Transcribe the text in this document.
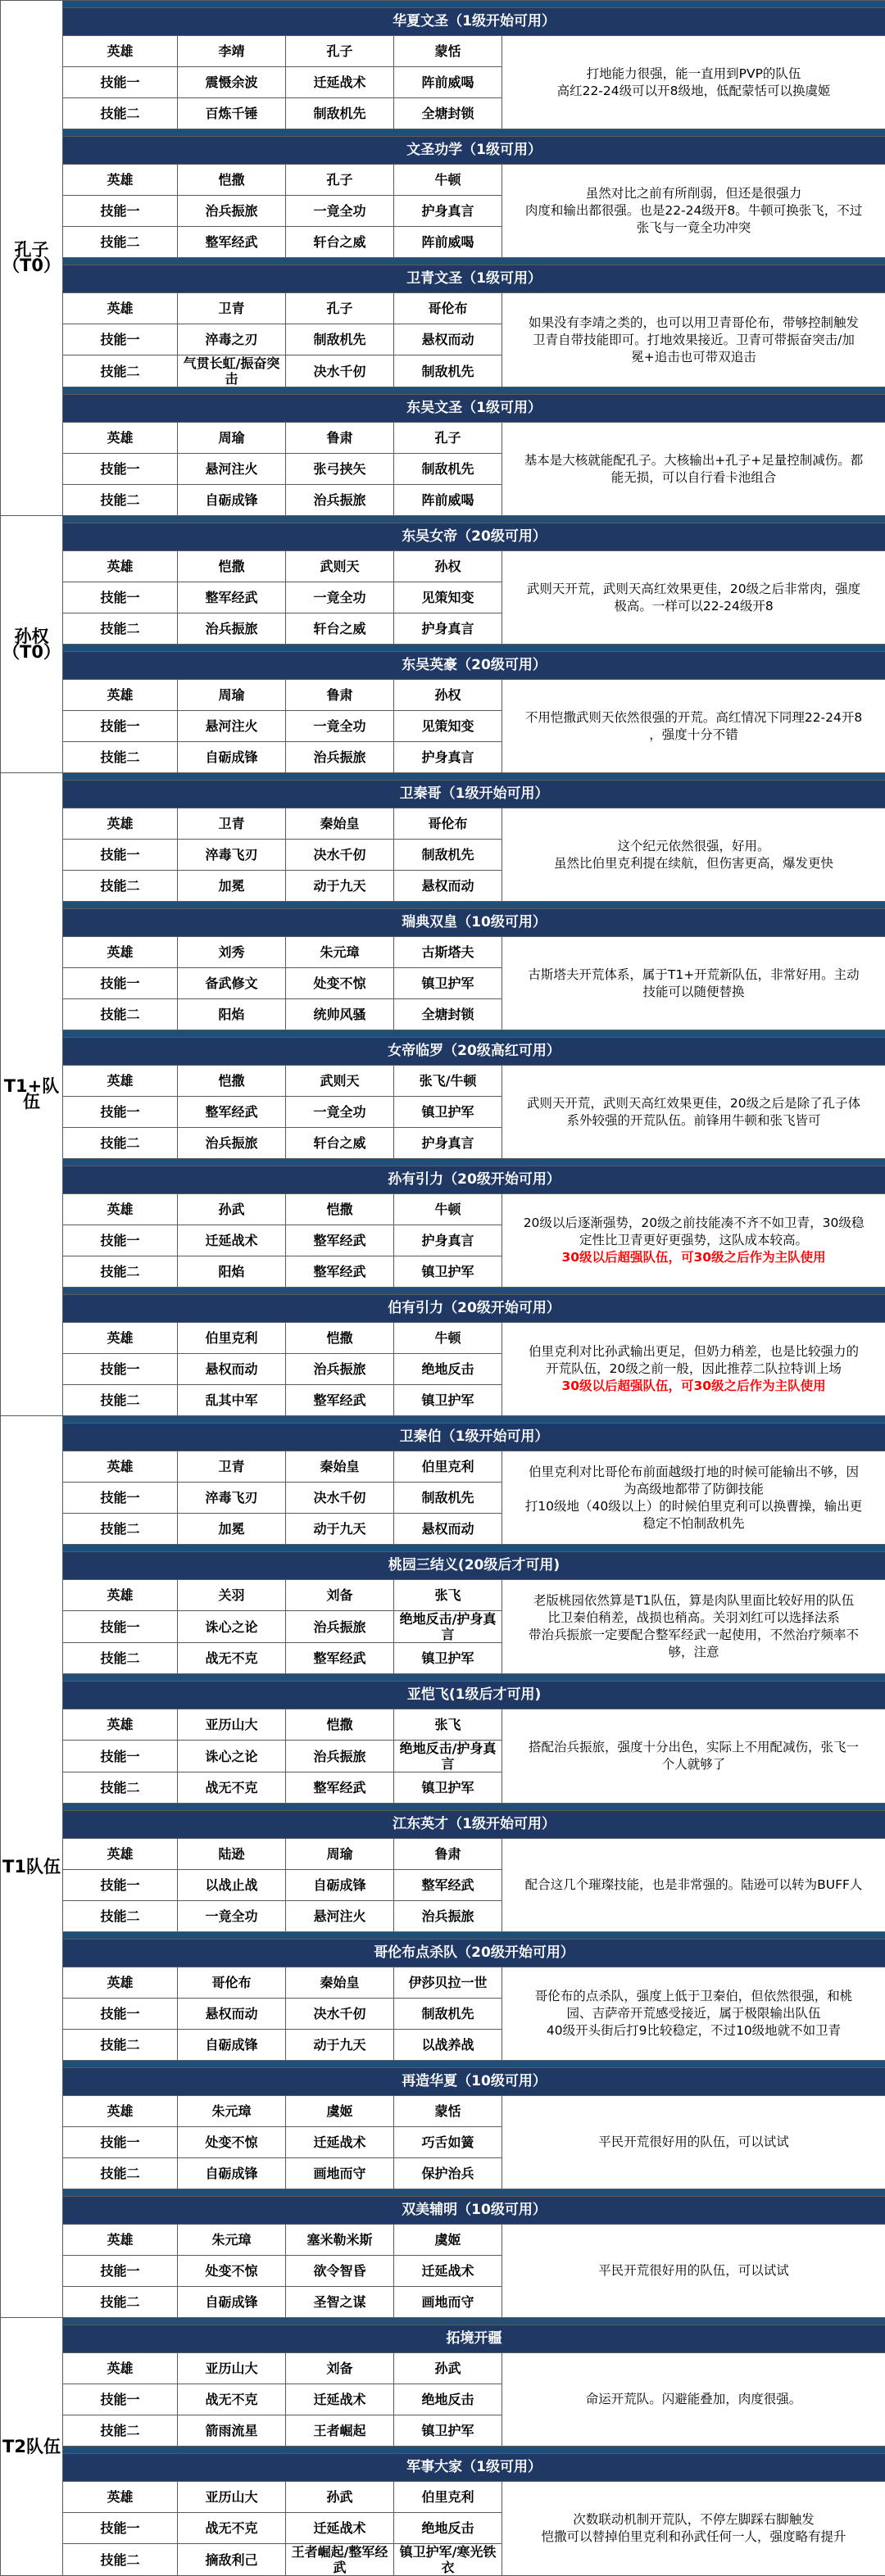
孔子（T0）					
	华夏文圣（1级开始可用）				
	英雄	李靖	孔子	蒙恬	打地能力很强，能一直用到PVP的队伍
高红22-24级可以开8级地，低配蒙恬可以换虞姬

	技能一	震慑余波	迁延战术	阵前威喝	
	技能二	百炼千锤	制敌机先	全塘封锁	

	文圣功学（1级可用）				
	英雄	恺撒	孔子	牛顿	虽然对比之前有所削弱，但还是很强力
肉度和输出都很强。也是22-24级开8。牛顿可换张飞，不过
张飞与一竟全功冲突

	技能一	治兵振旅	一竟全功	护身真言	
	技能二	整军经武	轩台之威	阵前威喝	

	卫青文圣（1级可用）				
	英雄	卫青	孔子	哥伦布	如果没有李靖之类的，也可以用卫青哥伦布，带够控制触发
卫青自带技能即可。打地效果接近。卫青可带振奋突击/加
冕+追击也可带双追击

	技能一	淬毒之刃	制敌机先	悬权而动	
	技能二	气贯长虹/振奋突击	决水千仞	制敌机先	

	东吴文圣（1级可用）				
	英雄	周瑜	鲁肃	孔子	基本是大核就能配孔子。大核输出+孔子+足量控制减伤。都
能无损，可以自行看卡池组合

	技能一	悬河注火	张弓挟矢	制敌机先	
	技能二	自砺成锋	治兵振旅	阵前威喝	
孙权（T0）					
	东吴女帝（20级可用）				
	英雄	恺撒	武则天	孙权	武则天开荒，武则天高红效果更佳，20级之后非常肉，强度
极高。一样可以22-24级开8

	技能一	整军经武	一竟全功	见策知变	
	技能二	治兵振旅	轩台之威	护身真言	

	东吴英豪（20级可用）				
	英雄	周瑜	鲁肃	孙权	不用恺撒武则天依然很强的开荒。高红情况下同理22-24开8
，强度十分不错

	技能一	悬河注火	一竟全功	见策知变	
	技能二	自砺成锋	治兵振旅	护身真言	
T1+队伍					
	卫秦哥（1级开始可用）				
	英雄	卫青	秦始皇	哥伦布	这个纪元依然很强，好用。
虽然比伯里克利提在续航，但伤害更高，爆发更快

	技能一	淬毒飞刃	决水千仞	制敌机先	
	技能二	加冕	动于九天	悬权而动	

	瑞典双皇（10级可用）				
	英雄	刘秀	朱元璋	古斯塔夫	古斯塔夫开荒体系，属于T1+开荒新队伍，非常好用。主动
技能可以随便替换

	技能一	备武修文	处变不惊	镇卫护军	
	技能二	阳焰	统帅风骚	全塘封锁	

	女帝临罗（20级高红可用）				
	英雄	恺撒	武则天	张飞/牛顿	武则天开荒，武则天高红效果更佳，20级之后是除了孔子体
系外较强的开荒队伍。前锋用牛顿和张飞皆可

	技能一	整军经武	一竟全功	镇卫护军	
	技能二	治兵振旅	轩台之威	护身真言	

	孙有引力（20级开始可用）				
	英雄	孙武	恺撒	牛顿	20级以后逐渐强势，20级之前技能凑不齐不如卫青，30级稳
定性比卫青更好更强势，这队成本较高。
30级以后超强队伍，可30级之后作为主队使用

	技能一	迁延战术	整军经武	护身真言	
	技能二	阳焰	整军经武	镇卫护军	

	伯有引力（20级开始可用）				
	英雄	伯里克利	恺撒	牛顿	伯里克利对比孙武输出更足，但奶力稍差，也是比较强力的
开荒队伍，20级之前一般，因此推荐二队拉特训上场
30级以后超强队伍，可30级之后作为主队使用

	技能一	悬权而动	治兵振旅	绝地反击	
	技能二	乱其中军	整军经武	镇卫护军	
T1队伍					
	卫秦伯（1级开始可用）				
	英雄	卫青	秦始皇	伯里克利	伯里克利对比哥伦布前面越级打地的时候可能输出不够，因
为高级地都带了防御技能
打10级地（40级以上）的时候伯里克利可以换曹操，输出更
稳定不怕制敌机先

	技能一	淬毒飞刃	决水千仞	制敌机先	
	技能二	加冕	动于九天	悬权而动	

	桃园三结义(20级后才可用)				
	英雄	关羽	刘备	张飞	老版桃园依然算是T1队伍，算是肉队里面比较好用的队伍
比卫秦伯稍差，战损也稍高。关羽刘红可以选择法系
带治兵振旅一定要配合整军经武一起使用，不然治疗频率不
够，注意

	技能一	诛心之论	治兵振旅	绝地反击/护身真言	
	技能二	战无不克	整军经武	镇卫护军	

	亚恺飞(1级后才可用)				
	英雄	亚历山大	恺撒	张飞	搭配治兵振旅，强度十分出色，实际上不用配减伤，张飞一
个人就够了

	技能一	诛心之论	治兵振旅	绝地反击/护身真言	
	技能二	战无不克	整军经武	镇卫护军	

	江东英才（1级开始可用）				
	英雄	陆逊	周瑜	鲁肃	配合这几个璀璨技能，也是非常强的。陆逊可以转为BUFF人

	技能一	以战止战	自砺成锋	整军经武	
	技能二	一竟全功	悬河注火	治兵振旅	

	哥伦布点杀队（20级开始可用）				
	英雄	哥伦布	秦始皇	伊莎贝拉一世	哥伦布的点杀队，强度上低于卫秦伯，但依然很强，和桃
园、吉萨帝开荒感受接近，属于极限输出队伍
40级开头街后打9比较稳定，不过10级地就不如卫青

	技能一	悬权而动	决水千仞	制敌机先	
	技能二	自砺成锋	动于九天	以战养战	

	再造华夏（10级可用）				
	英雄	朱元璋	虞姬	蒙恬	平民开荒很好用的队伍，可以试试

	技能一	处变不惊	迁延战术	巧舌如簧	
	技能二	自砺成锋	画地而守	保护治兵	

	双美辅明（10级可用）				
	英雄	朱元璋	塞米勒米斯	虞姬	平民开荒很好用的队伍，可以试试

	技能一	处变不惊	欲令智昏	迁延战术	
	技能二	自砺成锋	圣智之谋	画地而守	
T2队伍					
	拓境开疆				
	英雄	亚历山大	刘备	孙武	命运开荒队。闪避能叠加，肉度很强。

	技能一	战无不克	迁延战术	绝地反击	
	技能二	箭雨流星	王者崛起	镇卫护军	

	军事大家（1级可用）				
	英雄	亚历山大	孙武	伯里克利	次数联动机制开荒队，不停左脚踩右脚触发
恺撒可以替掉伯里克利和孙武任何一人，强度略有提升

	技能一	战无不克	迁延战术	绝地反击	
	技能二	摘敌利己	王者崛起/整军经武	镇卫护军/寒光铁衣	
